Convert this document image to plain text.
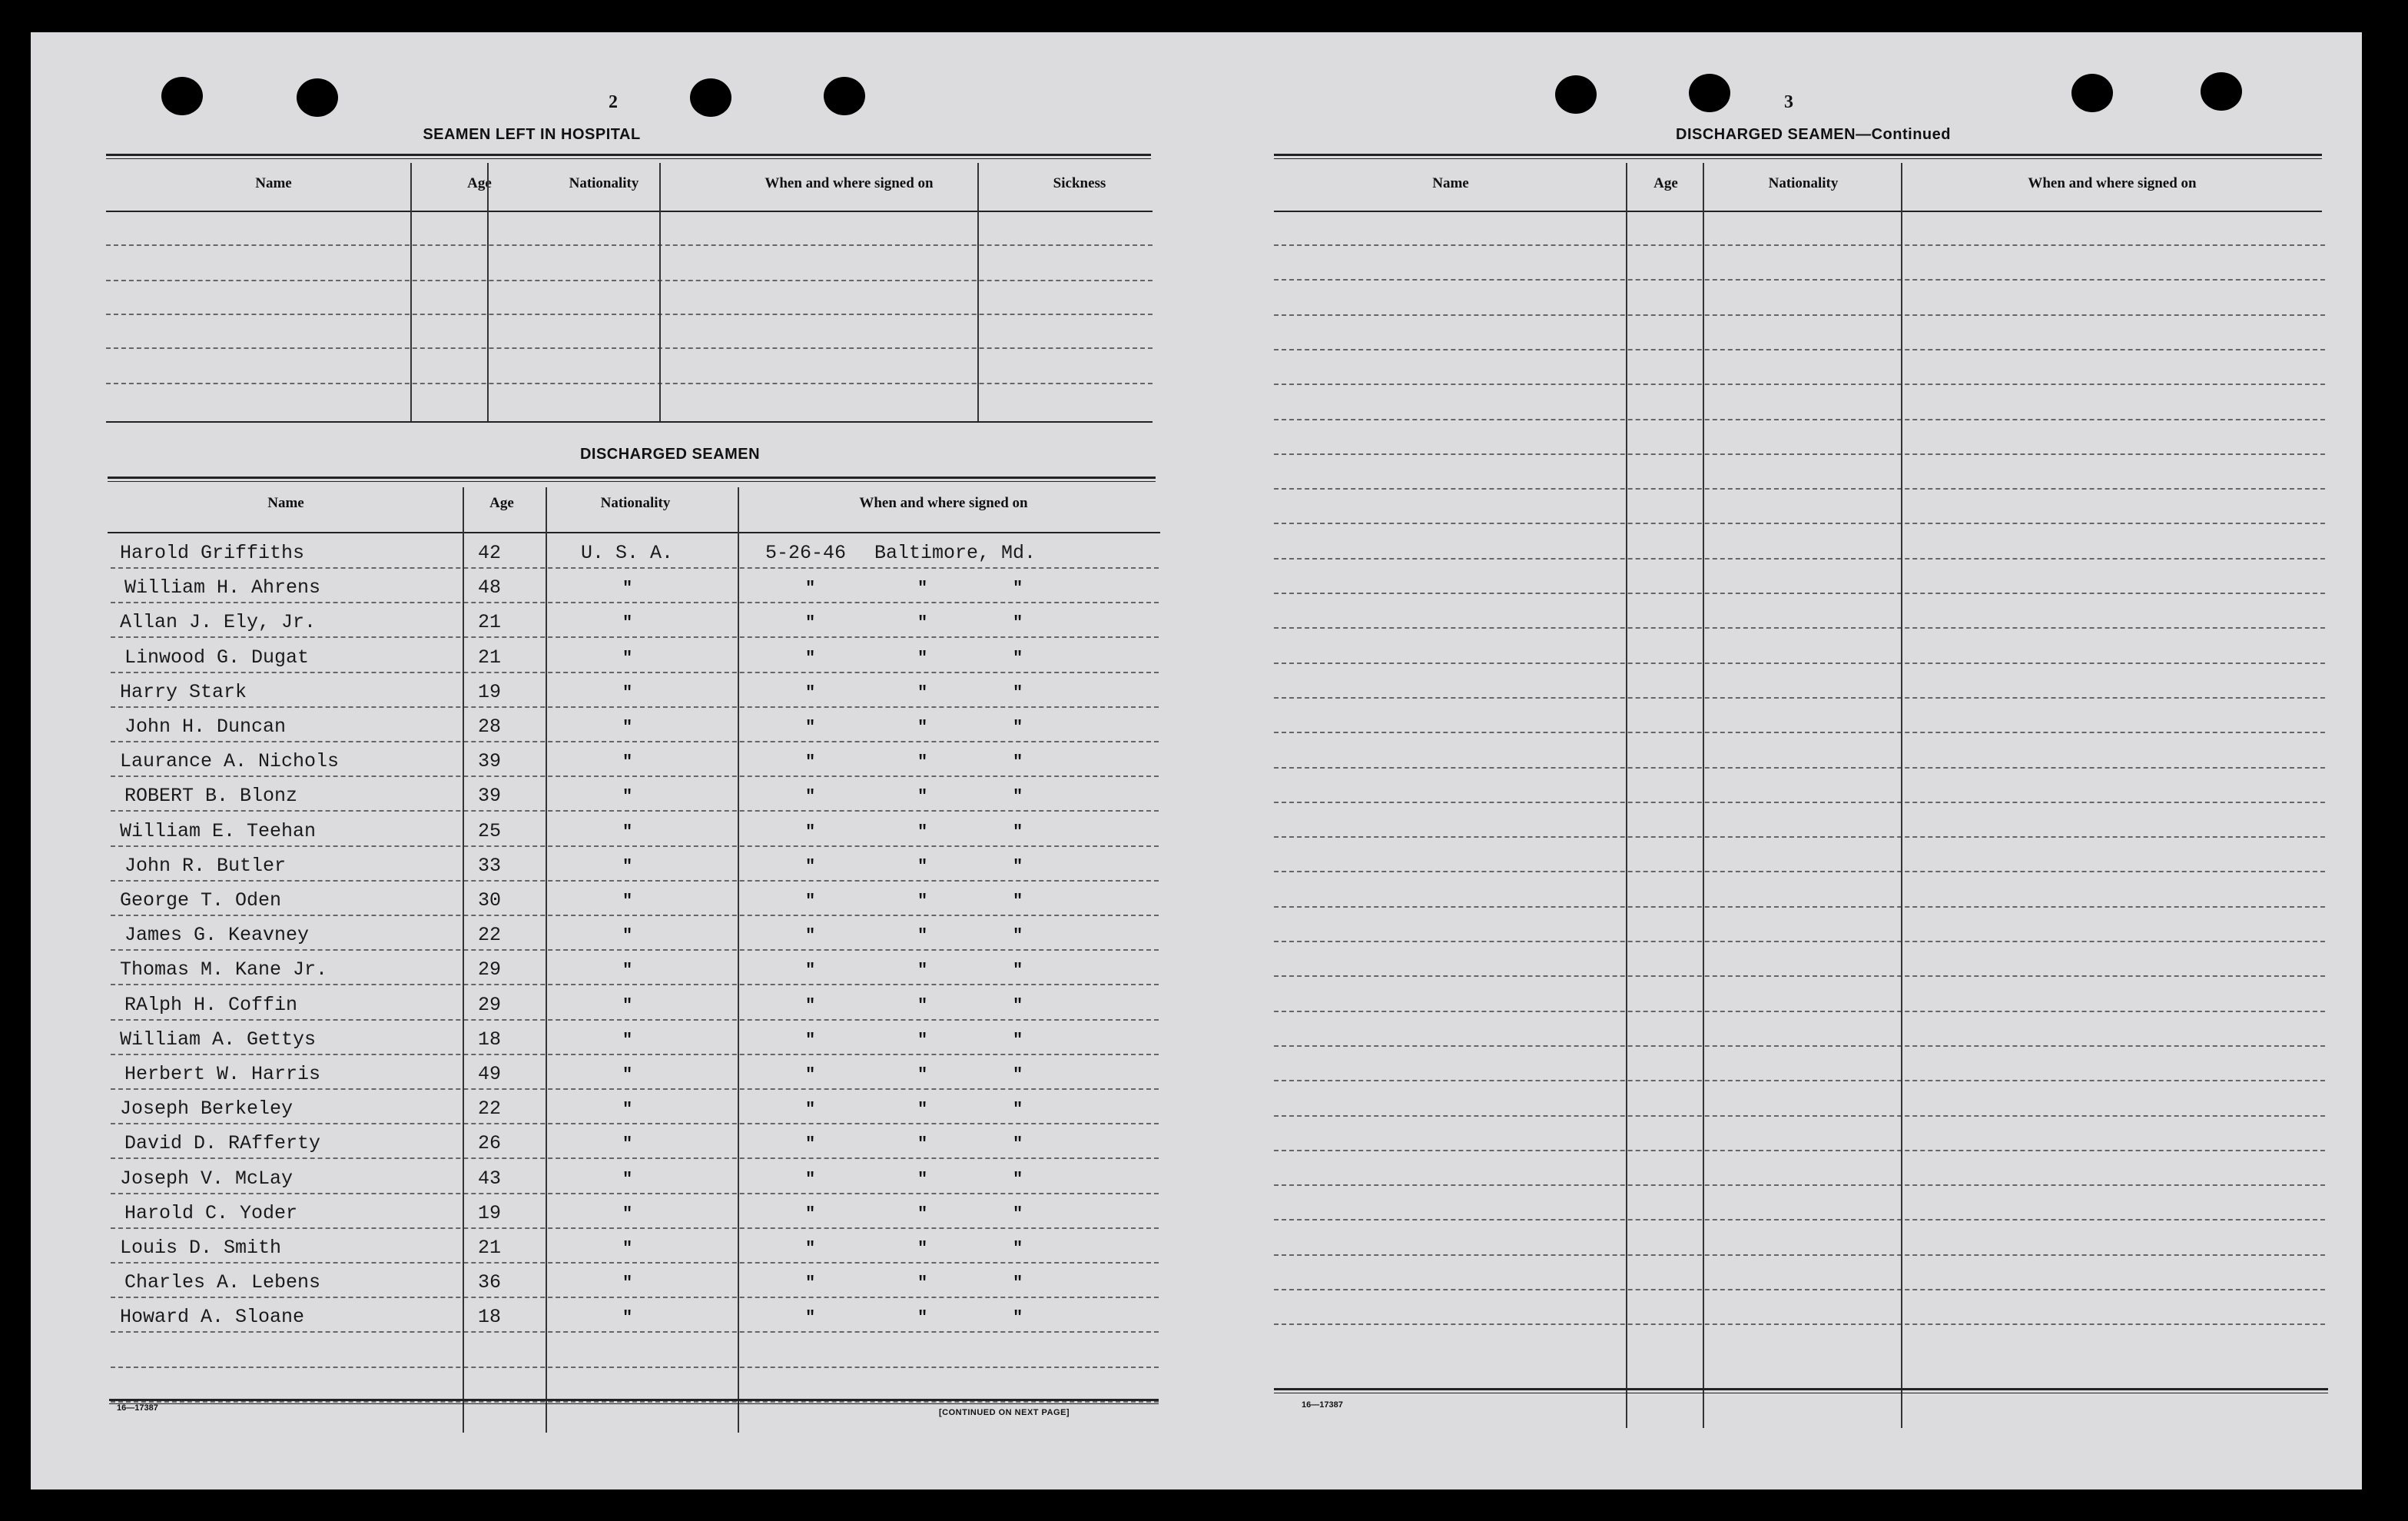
2
SEAMEN LEFT IN HOSPITAL
Name	Age	Nationality	When and where signed on	Sickness
DISCHARGED SEAMEN
Name	Age	Nationality	When and where signed on
Harold Griffiths	42	U. S. A.	5-26-46 Baltimore, Md.
William H. Ahrens	48	"	"	"	"
Allan J. Ely, Jr.	21	"	"	"	"
Linwood G. Dugat	21	"	"	"	"
Harry Stark	19	"	"	"	"
John H. Duncan	28	"	"	"	"
Laurance A. Nichols	39	"	"	"	"
ROBERT B. Blonz	39	"	"	"	"
William E. Teehan	25	"	"	"	"
John R. Butler	33	"	"	"	"
George T. Oden	30	"	"	"	"
James G. Keavney	22	"	"	"	"
Thomas M. Kane Jr.	29	"	"	"	"
RAlph H. Coffin	29	"	"	"	"
William A. Gettys	18	"	"	"	"
Herbert W. Harris	49	"	"	"	"
Joseph Berkeley	22	"	"	"	"
David D. RAfferty	26	"	"	"	"
Joseph V. McLay	43	"	"	"	"
Harold C. Yoder	19	"	"	"	"
Louis D. Smith	21	"	"	"	"
Charles A. Lebens	36	"	"	"	"
Howard A. Sloane	18	"	"	"	"
16—17387	[CONTINUED ON NEXT PAGE]
3
DISCHARGED SEAMEN—Continued
Name	Age	Nationality	When and where signed on
16—17387
